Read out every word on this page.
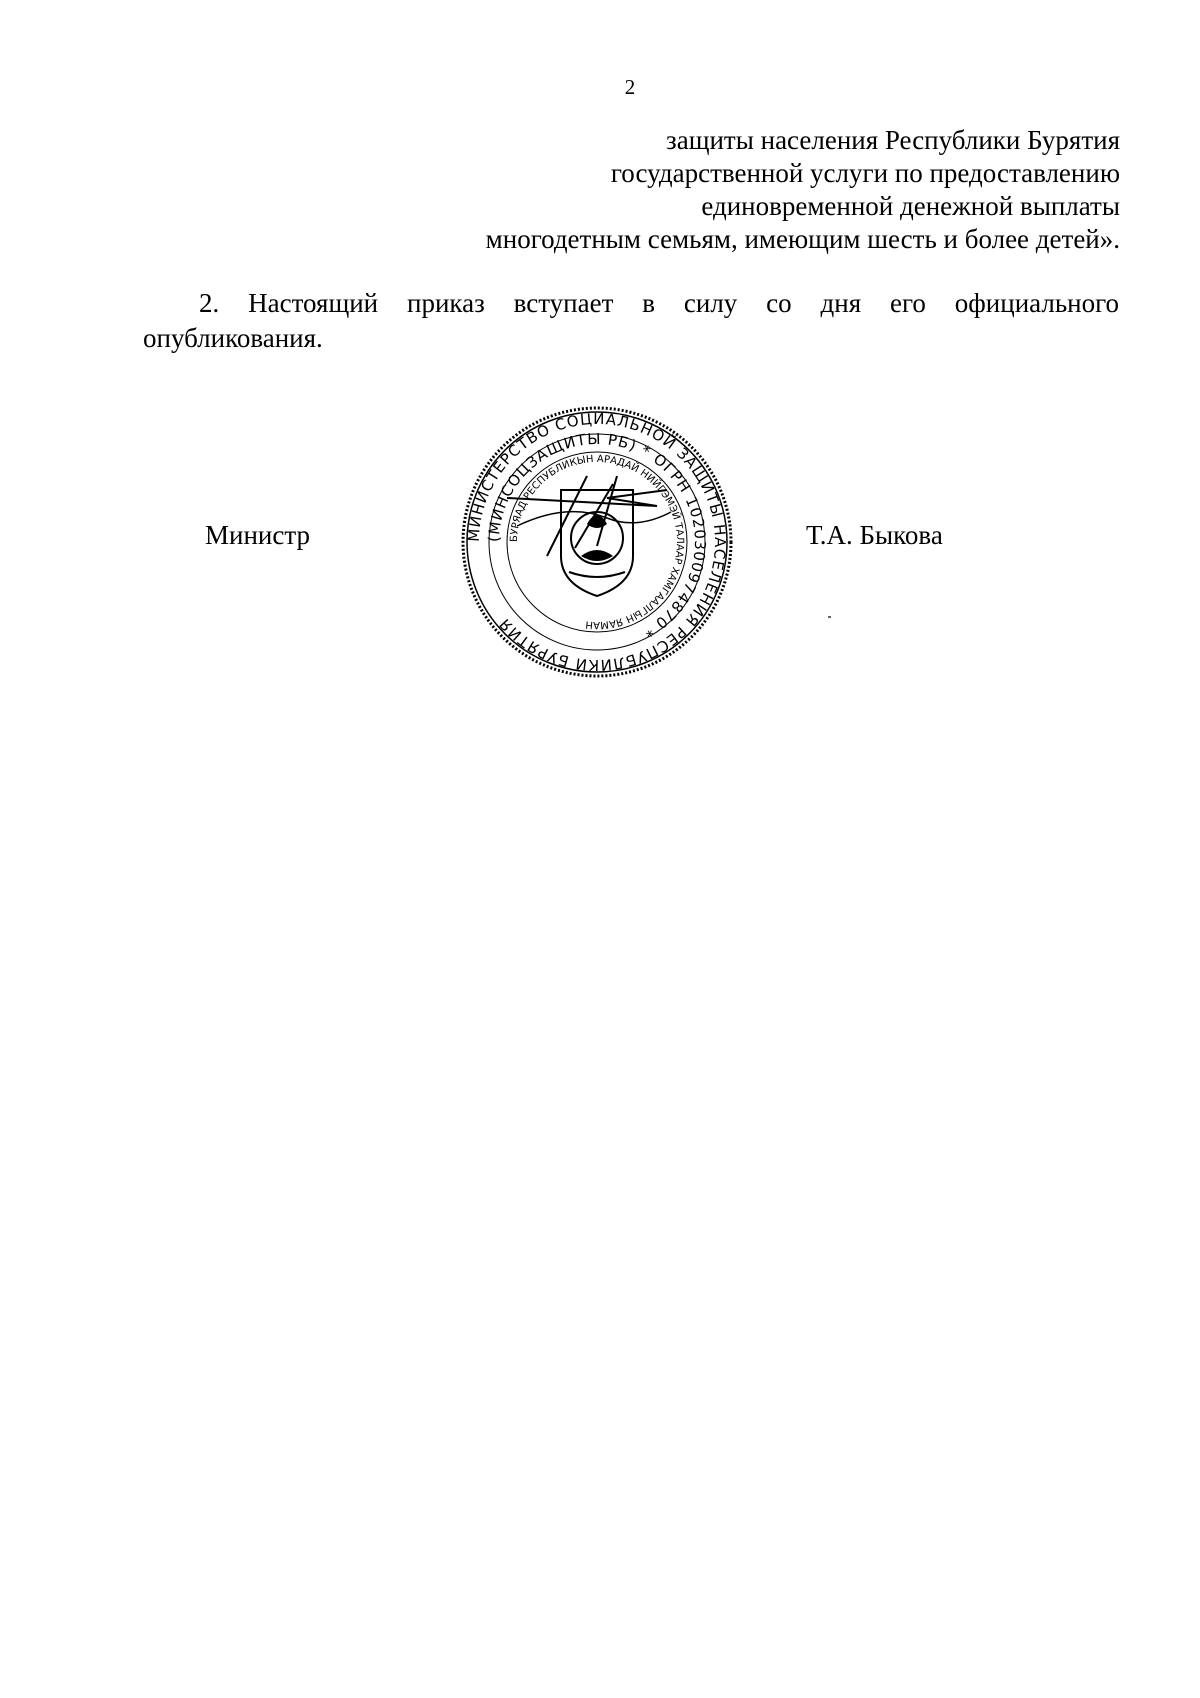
2
защиты населения Республики Бурятия
государственной услуги по предоставлению
единовременной денежной выплаты
многодетным семьям, имеющим шесть и более детей».
2. Настоящий приказ вступает в силу со дня его официального
опубликования.
Министр	МИНИСТЕРСТВО СОЦИАЛЬНОЙ ЗАЩИТЫ НАСЕЛЕНИЯ РЕСПУБЛИКИ БУРЯТИЯ
(МИНСОЦЗАЩИТЫ РБ) * ОГРН 1020300974870 *
БУРЯАД РЕСПУБЛИКЫН АРАДАЙ НИЙГЭМЭЙ ТАЛААР ХАМГААЛГЫН ЯАМАН
Т.А. Быкова
